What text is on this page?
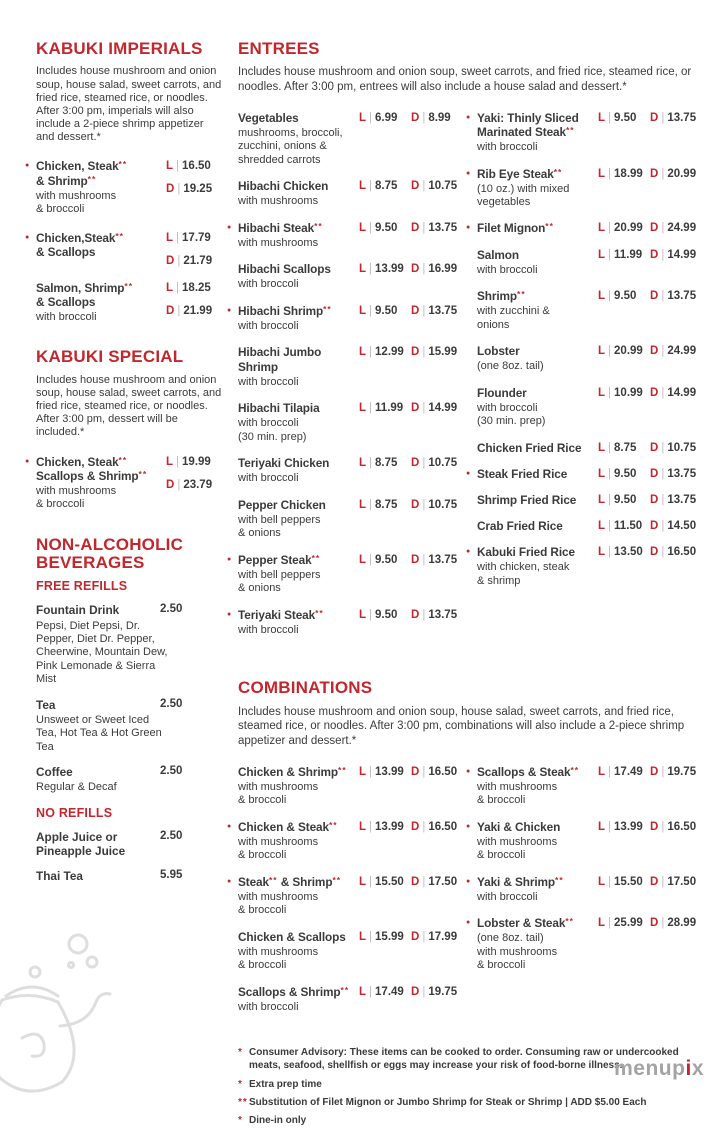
KABUKI IMPERIALS

Includes house mushroom and onion soup, house salad, sweet carrots, and fried rice, steamed rice, or noodles. After 3:00 pm, imperials will also include a 2-piece shrimp appetizer and dessert.*

● Chicken, Steak**
& Shrimp**
with mushrooms
& broccoli
L | 16.50
D | 19.25
● Chicken,Steak**
& Scallops
L | 17.79
D | 21.79
Salmon, Shrimp**
& Scallops
with broccoli
L | 18.25
D | 21.99
KABUKI SPECIAL

Includes house mushroom and onion soup, house salad, sweet carrots, and fried rice, steamed rice, or noodles. After 3:00 pm, dessert will be included.*

● Chicken, Steak**
Scallops & Shrimp**
with mushrooms
& broccoli
L | 19.99
D | 23.79
NON-ALCOHOLIC BEVERAGES
FREE REFILLS
Fountain Drink	2.50
Pepsi, Diet Pepsi, Dr. Pepper, Diet Dr. Pepper, Cheerwine, Mountain Dew, Pink Lemonade & Sierra Mist
Tea	2.50
Unsweet or Sweet Iced Tea, Hot Tea & Hot Green Tea
Coffee	2.50
Regular & Decaf
NO REFILLS
Apple Juice or Pineapple Juice
2.50
Thai Tea	5.95
ENTREES

Includes house mushroom and onion soup, sweet carrots, and fried rice, steamed rice, or noodles. After 3:00 pm, entrees will also include a house salad and dessert.*

Vegetables
mushrooms, broccoli,
zucchini, onions &
shredded carrots
L | 6.99	D | 8.99
Hibachi Chicken
with mushrooms
L | 8.75	D | 10.75
● Hibachi Steak**
with mushrooms
L | 9.50	D | 13.75
Hibachi Scallops
with broccoli
L | 13.99 D | 16.99
● Hibachi Shrimp**
with broccoli
L | 9.50	D | 13.75
Hibachi Jumbo
Shrimp
with broccoli
L | 12.99 D | 15.99
Hibachi Tilapia
with broccoli
(30 min. prep)
L | 11.99 D | 14.99
Teriyaki Chicken
with broccoli
L | 8.75	D | 10.75
Pepper Chicken
with bell peppers
& onions
L | 8.75	D | 10.75
● Pepper Steak**
with bell peppers
& onions
L | 9.50	D | 13.75
● Teriyaki Steak**
with broccoli
L | 9.50	D | 13.75
● Yaki: Thinly Sliced
Marinated Steak**
with broccoli
L | 9.50	D | 13.75
● Rib Eye Steak**
(10 oz.) with mixed
vegetables
L | 18.99 D | 20.99
● Filet Mignon**	L | 20.99 D | 24.99
Salmon
with broccoli
L | 11.99 D | 14.99
Shrimp**
with zucchini &
onions
L | 9.50	D | 13.75
Lobster
(one 8oz. tail)
L | 20.99 D | 24.99
Flounder
with broccoli
(30 min. prep)
L | 10.99 D | 14.99
Chicken Fried Rice	L | 8.75	D | 10.75
● Steak Fried Rice	L | 9.50	D | 13.75
Shrimp Fried Rice	L | 9.50	D | 13.75
Crab Fried Rice	L | 11.50 D | 14.50
● Kabuki Fried Rice
with chicken, steak
& shrimp
L | 13.50 D | 16.50
COMBINATIONS

Includes house mushroom and onion soup, house salad, sweet carrots, and fried rice, steamed rice, or noodles. After 3:00 pm, combinations will also include a 2-piece shrimp appetizer and dessert.*

Chicken & Shrimp**
with mushrooms
& broccoli
L | 13.99 D | 16.50
● Chicken & Steak**
with mushrooms
& broccoli
L | 13.99 D | 16.50
● Steak** & Shrimp**
with mushrooms
& broccoli
L | 15.50 D | 17.50
Chicken & Scallops
with mushrooms
& broccoli
L | 15.99 D | 17.99
Scallops & Shrimp**
with broccoli
L | 17.49 D | 19.75
● Scallops & Steak**
with mushrooms
& broccoli
L | 17.49 D | 19.75
● Yaki & Chicken
with mushrooms
& broccoli
L | 13.99 D | 16.50
● Yaki & Shrimp**
with broccoli
L | 15.50 D | 17.50
● Lobster & Steak**
(one 8oz. tail)
with mushrooms
& broccoli
L | 25.99 D | 28.99
* Consumer Advisory: These items can be cooked to order. Consuming raw or undercooked meats, seafood, shellfish or eggs may increase your risk of food-borne illness.
* Extra prep time
** Substitution of Filet Mignon or Jumbo Shrimp for Steak or Shrimp | ADD $5.00 Each
* Dine-in only
menupix
